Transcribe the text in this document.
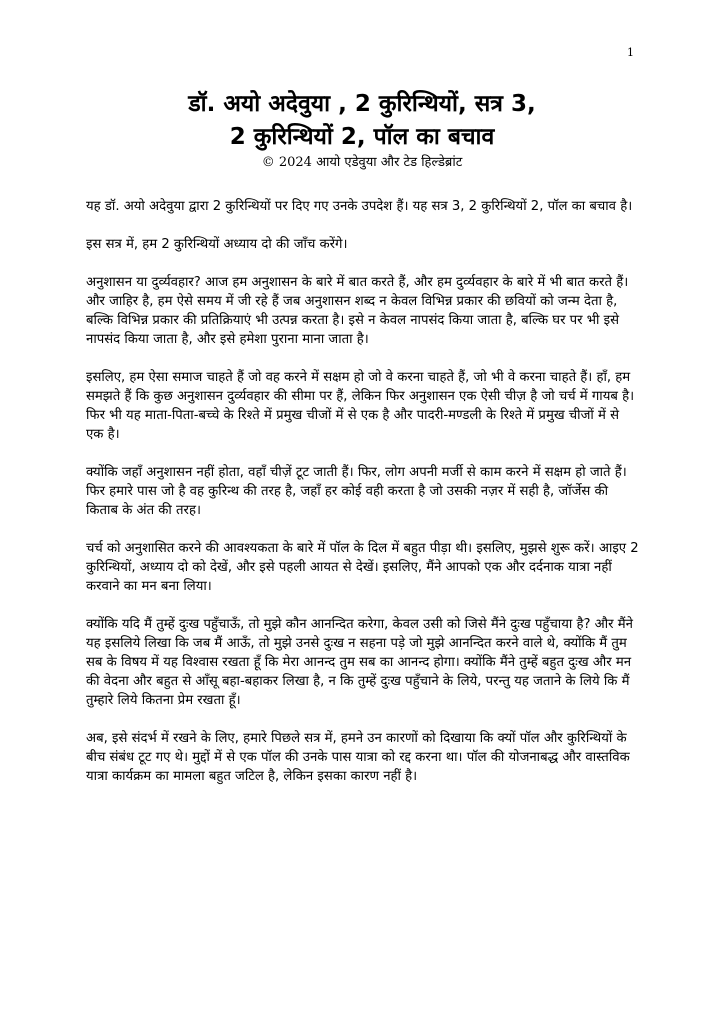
1
डॉ. अयो अदेवुया , 2 कुरिन्थियों, सत्र 3,
2 कुरिन्थियों 2, पॉल का बचाव
© 2024 आयो एडेवुया और टेड हिल्डेब्रांट

यह डॉ. अयो अदेवुया द्वारा 2 कुरिन्थियों पर दिए गए उनके उपदेश हैं। यह सत्र 3, 2 कुरिन्थियों 2, पॉल का बचाव है।

इस सत्र में, हम 2 कुरिन्थियों अध्याय दो की जाँच करेंगे।

अनुशासन या दुर्व्यवहार? आज हम अनुशासन के बारे में बात करते हैं, और हम दुर्व्यवहार के बारे में भी बात करते हैं। और जाहिर है, हम ऐसे समय में जी रहे हैं जब अनुशासन शब्द न केवल विभिन्न प्रकार की छवियों को जन्म देता है, बल्कि विभिन्न प्रकार की प्रतिक्रियाएं भी उत्पन्न करता है। इसे न केवल नापसंद किया जाता है, बल्कि घर पर भी इसे नापसंद किया जाता है, और इसे हमेशा पुराना माना जाता है।

इसलिए, हम ऐसा समाज चाहते हैं जो वह करने में सक्षम हो जो वे करना चाहते हैं, जो भी वे करना चाहते हैं। हाँ, हम समझते हैं कि कुछ अनुशासन दुर्व्यवहार की सीमा पर हैं, लेकिन फिर अनुशासन एक ऐसी चीज़ है जो चर्च में गायब है। फिर भी यह माता-पिता-बच्चे के रिश्ते में प्रमुख चीजों में से एक है और पादरी-मण्डली के रिश्ते में प्रमुख चीजों में से एक है।

क्योंकि जहाँ अनुशासन नहीं होता, वहाँ चीज़ें टूट जाती हैं। फिर, लोग अपनी मर्जी से काम करने में सक्षम हो जाते हैं। फिर हमारे पास जो है वह कुरिन्थ की तरह है, जहाँ हर कोई वही करता है जो उसकी नज़र में सही है, जॉर्जेस की किताब के अंत की तरह।

चर्च को अनुशासित करने की आवश्यकता के बारे में पॉल के दिल में बहुत पीड़ा थी। इसलिए, मुझसे शुरू करें। आइए 2 कुरिन्थियों, अध्याय दो को देखें, और इसे पहली आयत से देखें। इसलिए, मैंने आपको एक और दर्दनाक यात्रा नहीं करवाने का मन बना लिया।

क्योंकि यदि मैं तुम्हें दुःख पहुँचाऊँ, तो मुझे कौन आनन्दित करेगा, केवल उसी को जिसे मैंने दुःख पहुँचाया है? और मैंने यह इसलिये लिखा कि जब मैं आऊँ, तो मुझे उनसे दुःख न सहना पड़े जो मुझे आनन्दित करने वाले थे, क्योंकि मैं तुम सब के विषय में यह विश्वास रखता हूँ कि मेरा आनन्द तुम सब का आनन्द होगा। क्योंकि मैंने तुम्हें बहुत दुःख और मन की वेदना और बहुत से आँसू बहा-बहाकर लिखा है, न कि तुम्हें दुःख पहुँचाने के लिये, परन्तु यह जताने के लिये कि मैं तुम्हारे लिये कितना प्रेम रखता हूँ।

अब, इसे संदर्भ में रखने के लिए, हमारे पिछले सत्र में, हमने उन कारणों को दिखाया कि क्यों पॉल और कुरिन्थियों के बीच संबंध टूट गए थे। मुद्दों में से एक पॉल की उनके पास यात्रा को रद्द करना था। पॉल की योजनाबद्ध और वास्तविक यात्रा कार्यक्रम का मामला बहुत जटिल है, लेकिन इसका कारण नहीं है।
